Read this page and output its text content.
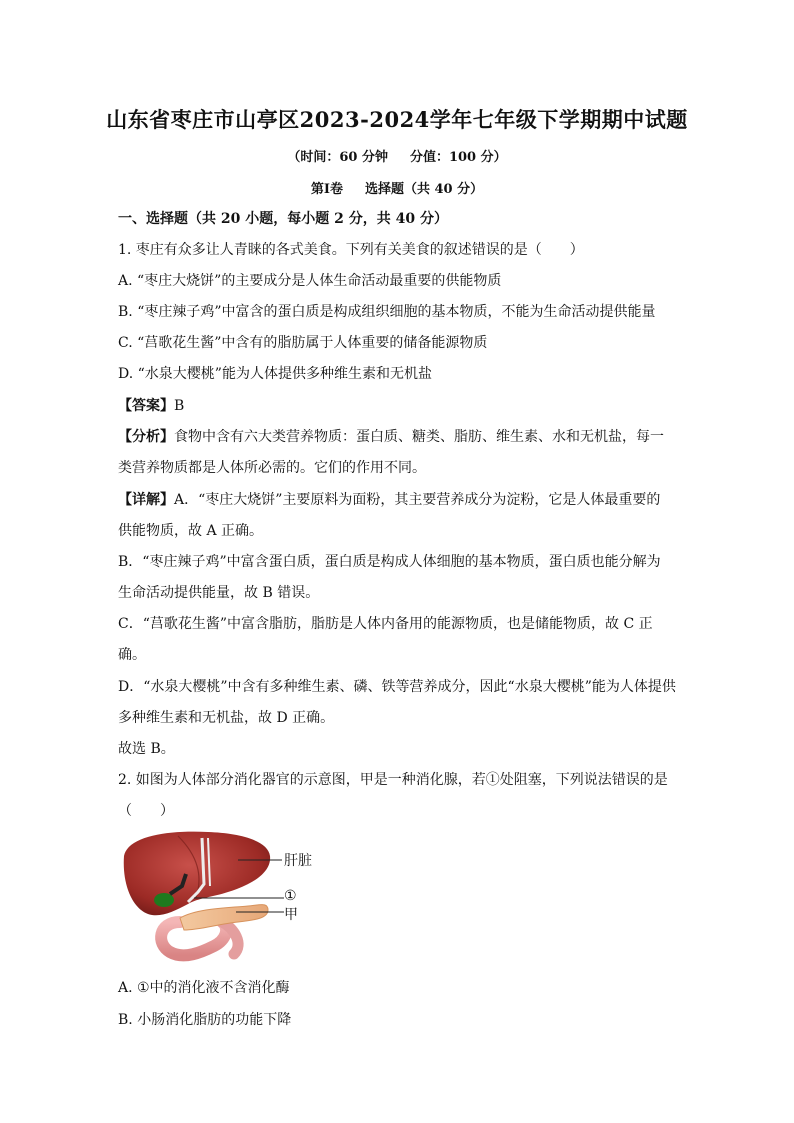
山东省枣庄市山亭区2023-2024学年七年级下学期期中试题
（时间：60 分钟 分值：100 分）
第Ⅰ卷 选择题（共 40 分）
一、选择题（共 20 小题，每小题 2 分，共 40 分）
1. 枣庄有众多让人青睐的各式美食。下列有关美食的叙述错误的是（　　）
A. “枣庄大烧饼”的主要成分是人体生命活动最重要的供能物质
B. “枣庄辣子鸡”中富含的蛋白质是构成组织细胞的基本物质，不能为生命活动提供能量
C. “莒歌花生酱”中含有的脂肪属于人体重要的储备能源物质
D. “水泉大樱桃”能为人体提供多种维生素和无机盐
【答案】B
【分析】食物中含有六大类营养物质：蛋白质、糖类、脂肪、维生素、水和无机盐，每一
类营养物质都是人体所必需的。它们的作用不同。
【详解】A．“枣庄大烧饼”主要原料为面粉，其主要营养成分为淀粉，它是人体最重要的
供能物质，故 A 正确。
B．“枣庄辣子鸡”中富含蛋白质，蛋白质是构成人体细胞的基本物质，蛋白质也能分解为
生命活动提供能量，故 B 错误。
C．“莒歌花生酱”中富含脂肪，脂肪是人体内备用的能源物质，也是储能物质，故 C 正
确。
D．“水泉大樱桃”中含有多种维生素、磷、铁等营养成分，因此“水泉大樱桃”能为人体提供
多种维生素和无机盐，故 D 正确。
故选 B。
2. 如图为人体部分消化器官的示意图，甲是一种消化腺，若①处阻塞，下列说法错误的是
（　　）
肝脏
①
甲
A. ①中的消化液不含消化酶
B. 小肠消化脂肪的功能下降
